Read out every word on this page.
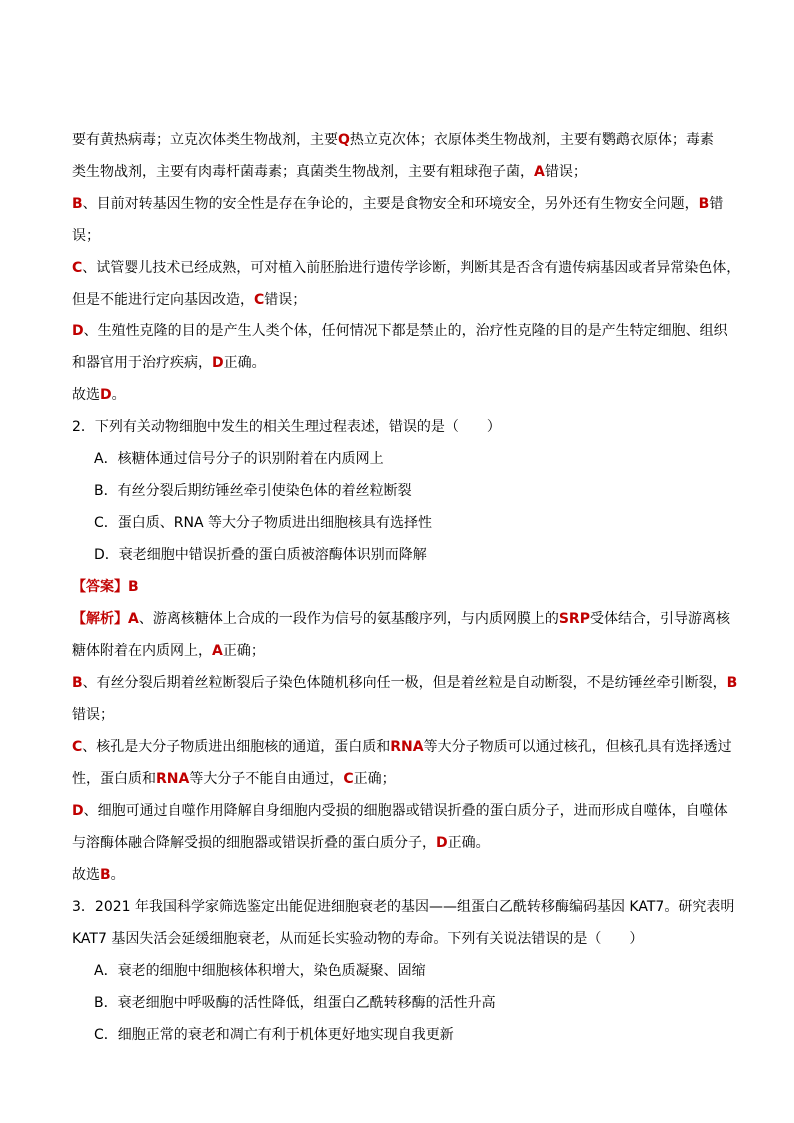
要有黄热病毒；立克次体类生物战剂，主要Q热立克次体；衣原体类生物战剂，主要有鹦鹉衣原体；毒素
类生物战剂，主要有肉毒杆菌毒素；真菌类生物战剂，主要有粗球孢子菌，A错误；
B、目前对转基因生物的安全性是存在争论的，主要是食物安全和环境安全，另外还有生物安全问题，B错
误；
C、试管婴儿技术已经成熟，可对植入前胚胎进行遗传学诊断，判断其是否含有遗传病基因或者异常染色体，
但是不能进行定向基因改造，C错误；
D、生殖性克隆的目的是产生人类个体，任何情况下都是禁止的，治疗性克隆的目的是产生特定细胞、组织
和器官用于治疗疾病，D正确。
故选D。
2．下列有关动物细胞中发生的相关生理过程表述，错误的是（　　）
A．核糖体通过信号分子的识别附着在内质网上
B．有丝分裂后期纺锤丝牵引使染色体的着丝粒断裂
C．蛋白质、RNA 等大分子物质进出细胞核具有选择性
D．衰老细胞中错误折叠的蛋白质被溶酶体识别而降解
【答案】B
【解析】A、游离核糖体上合成的一段作为信号的氨基酸序列，与内质网膜上的SRP受体结合，引导游离核
糖体附着在内质网上，A正确；
B、有丝分裂后期着丝粒断裂后子染色体随机移向任一极，但是着丝粒是自动断裂，不是纺锤丝牵引断裂，B
错误；
C、核孔是大分子物质进出细胞核的通道，蛋白质和RNA等大分子物质可以通过核孔，但核孔具有选择透过
性，蛋白质和RNA等大分子不能自由通过，C正确；
D、细胞可通过自噬作用降解自身细胞内受损的细胞器或错误折叠的蛋白质分子，进而形成自噬体，自噬体
与溶酶体融合降解受损的细胞器或错误折叠的蛋白质分子，D正确。
故选B。
3．2021 年我国科学家筛选鉴定出能促进细胞衰老的基因——组蛋白乙酰转移酶编码基因 KAT7。研究表明
KAT7 基因失活会延缓细胞衰老，从而延长实验动物的寿命。下列有关说法错误的是（　　）
A．衰老的细胞中细胞核体积增大，染色质凝聚、固缩
B．衰老细胞中呼吸酶的活性降低，组蛋白乙酰转移酶的活性升高
C．细胞正常的衰老和凋亡有利于机体更好地实现自我更新
